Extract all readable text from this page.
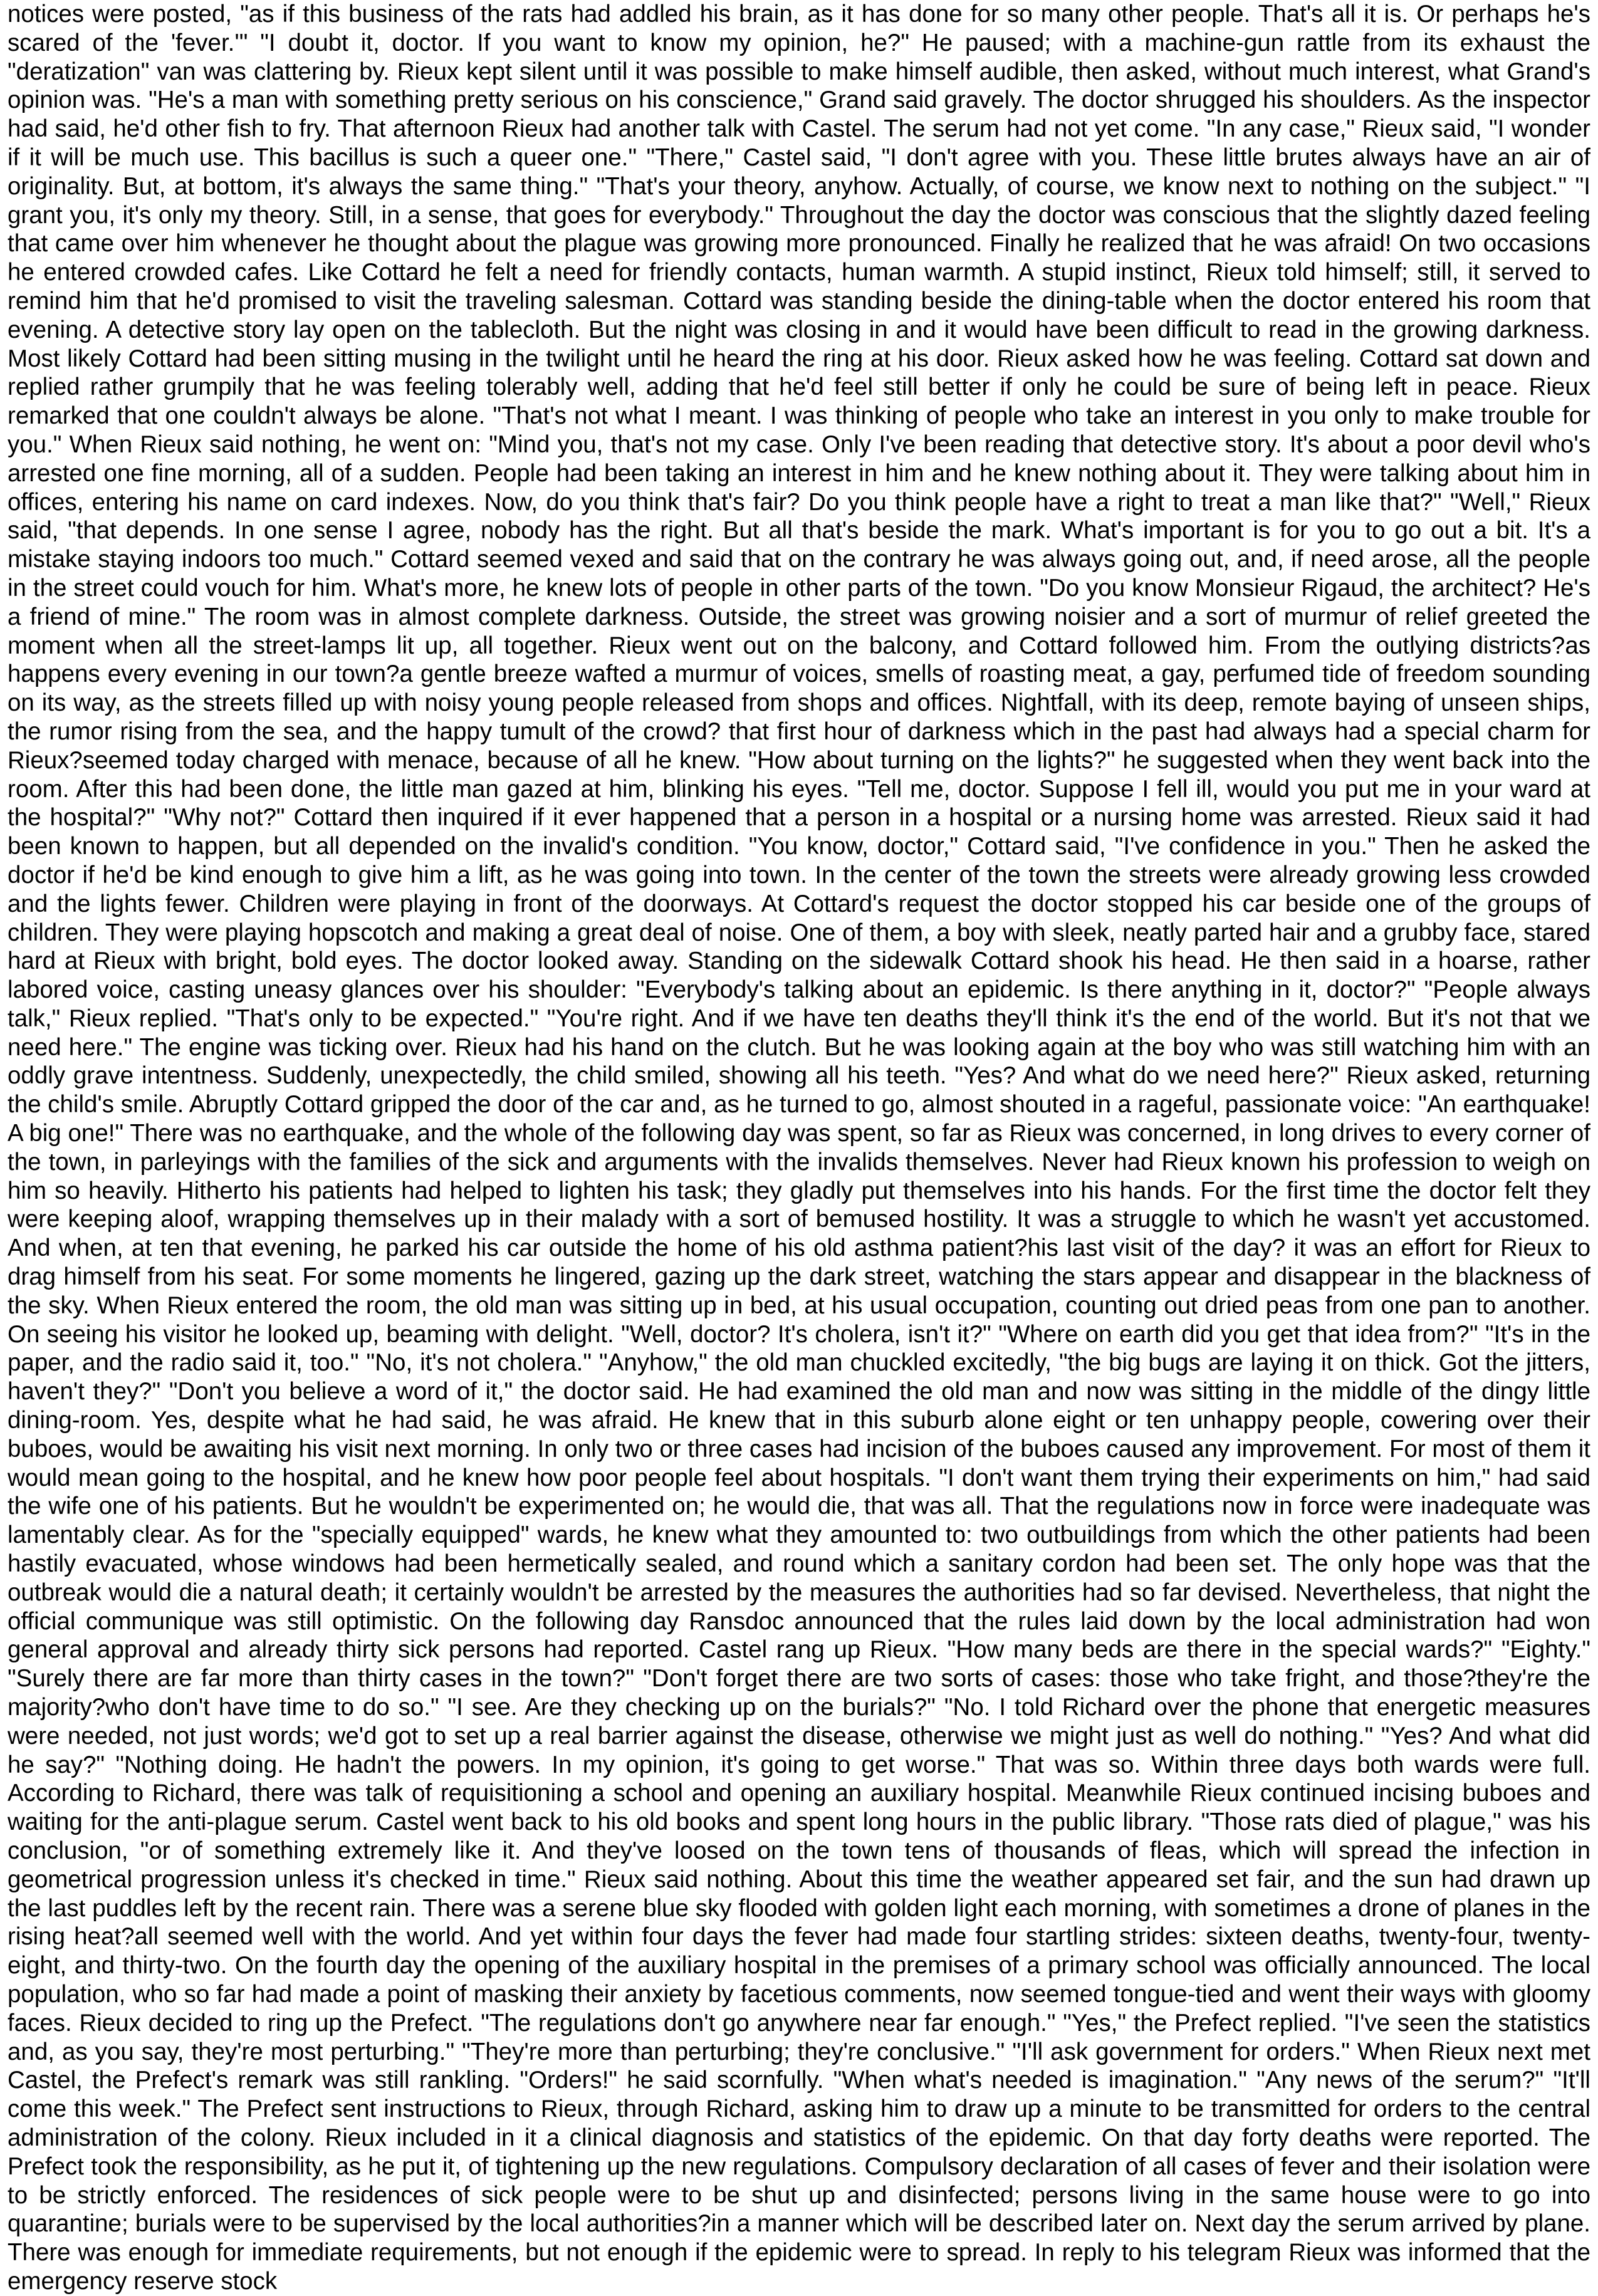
notices were posted, "as if this business of the rats had addled his brain, as it has done for so many other people. That's all it is. Or perhaps he's scared of the 'fever.'" "I doubt it, doctor. If you want to know my opinion, he?" He paused; with a machine-gun rattle from its exhaust the "deratization" van was clattering by. Rieux kept silent until it was possible to make himself audible, then asked, without much interest, what Grand's opinion was. "He's a man with something pretty serious on his conscience," Grand said gravely. The doctor shrugged his shoulders. As the inspector had said, he'd other fish to fry. That afternoon Rieux had another talk with Castel. The serum had not yet come. "In any case," Rieux said, "I wonder if it will be much use. This bacillus is such a queer one." "There," Castel said, "I don't agree with you. These little brutes always have an air of originality. But, at bottom, it's always the same thing." "That's your theory, anyhow. Actually, of course, we know next to nothing on the subject." "I grant you, it's only my theory. Still, in a sense, that goes for everybody." Throughout the day the doctor was conscious that the slightly dazed feeling that came over him whenever he thought about the plague was growing more pronounced. Finally he realized that he was afraid! On two occasions he entered crowded cafes. Like Cottard he felt a need for friendly contacts, human warmth. A stupid instinct, Rieux told himself; still, it served to remind him that he'd promised to visit the traveling salesman. Cottard was standing beside the dining-table when the doctor entered his room that evening. A detective story lay open on the tablecloth. But the night was closing in and it would have been difficult to read in the growing darkness. Most likely Cottard had been sitting musing in the twilight until he heard the ring at his door. Rieux asked how he was feeling. Cottard sat down and replied rather grumpily that he was feeling tolerably well, adding that he'd feel still better if only he could be sure of being left in peace. Rieux remarked that one couldn't always be alone. "That's not what I meant. I was thinking of people who take an interest in you only to make trouble for you." When Rieux said nothing, he went on: "Mind you, that's not my case. Only I've been reading that detective story. It's about a poor devil who's arrested one fine morning, all of a sudden. People had been taking an interest in him and he knew nothing about it. They were talking about him in offices, entering his name on card indexes. Now, do you think that's fair? Do you think people have a right to treat a man like that?" "Well," Rieux said, "that depends. In one sense I agree, nobody has the right. But all that's beside the mark. What's important is for you to go out a bit. It's a mistake staying indoors too much." Cottard seemed vexed and said that on the contrary he was always going out, and, if need arose, all the people in the street could vouch for him. What's more, he knew lots of people in other parts of the town. "Do you know Monsieur Rigaud, the architect? He's a friend of mine." The room was in almost complete darkness. Outside, the street was growing noisier and a sort of murmur of relief greeted the moment when all the street-lamps lit up, all together. Rieux went out on the balcony, and Cottard followed him. From the outlying districts?as happens every evening in our town?a gentle breeze wafted a murmur of voices, smells of roasting meat, a gay, perfumed tide of freedom sounding on its way, as the streets filled up with noisy young people released from shops and offices. Nightfall, with its deep, remote baying of unseen ships, the rumor rising from the sea, and the happy tumult of the crowd? that first hour of darkness which in the past had always had a special charm for Rieux?seemed today charged with menace, because of all he knew. "How about turning on the lights?" he suggested when they went back into the room. After this had been done, the little man gazed at him, blinking his eyes. "Tell me, doctor. Suppose I fell ill, would you put me in your ward at the hospital?" "Why not?" Cottard then inquired if it ever happened that a person in a hospital or a nursing home was arrested. Rieux said it had been known to happen, but all depended on the invalid's condition. "You know, doctor," Cottard said, "I've confidence in you." Then he asked the doctor if he'd be kind enough to give him a lift, as he was going into town. In the center of the town the streets were already growing less crowded and the lights fewer. Children were playing in front of the doorways. At Cottard's request the doctor stopped his car beside one of the groups of children. They were playing hopscotch and making a great deal of noise. One of them, a boy with sleek, neatly parted hair and a grubby face, stared hard at Rieux with bright, bold eyes. The doctor looked away. Standing on the sidewalk Cottard shook his head. He then said in a hoarse, rather labored voice, casting uneasy glances over his shoulder: "Everybody's talking about an epidemic. Is there anything in it, doctor?" "People always talk," Rieux replied. "That's only to be expected." "You're right. And if we have ten deaths they'll think it's the end of the world. But it's not that we need here." The engine was ticking over. Rieux had his hand on the clutch. But he was looking again at the boy who was still watching him with an oddly grave intentness. Suddenly, unexpectedly, the child smiled, showing all his teeth. "Yes? And what do we need here?" Rieux asked, returning the child's smile. Abruptly Cottard gripped the door of the car and, as he turned to go, almost shouted in a rageful, passionate voice: "An earthquake! A big one!" There was no earthquake, and the whole of the following day was spent, so far as Rieux was concerned, in long drives to every corner of the town, in parleyings with the families of the sick and arguments with the invalids themselves. Never had Rieux known his profession to weigh on him so heavily. Hitherto his patients had helped to lighten his task; they gladly put themselves into his hands. For the first time the doctor felt they were keeping aloof, wrapping themselves up in their malady with a sort of bemused hostility. It was a struggle to which he wasn't yet accustomed. And when, at ten that evening, he parked his car outside the home of his old asthma patient?his last visit of the day? it was an effort for Rieux to drag himself from his seat. For some moments he lingered, gazing up the dark street, watching the stars appear and disappear in the blackness of the sky. When Rieux entered the room, the old man was sitting up in bed, at his usual occupation, counting out dried peas from one pan to another. On seeing his visitor he looked up, beaming with delight. "Well, doctor? It's cholera, isn't it?" "Where on earth did you get that idea from?" "It's in the paper, and the radio said it, too." "No, it's not cholera." "Anyhow," the old man chuckled excitedly, "the big bugs are laying it on thick. Got the jitters, haven't they?" "Don't you believe a word of it," the doctor said. He had examined the old man and now was sitting in the middle of the dingy little dining-room. Yes, despite what he had said, he was afraid. He knew that in this suburb alone eight or ten unhappy people, cowering over their buboes, would be awaiting his visit next morning. In only two or three cases had incision of the buboes caused any improvement. For most of them it would mean going to the hospital, and he knew how poor people feel about hospitals. "I don't want them trying their experiments on him," had said the wife one of his patients. But he wouldn't be experimented on; he would die, that was all. That the regulations now in force were inadequate was lamentably clear. As for the "specially equipped" wards, he knew what they amounted to: two outbuildings from which the other patients had been hastily evacuated, whose windows had been hermetically sealed, and round which a sanitary cordon had been set. The only hope was that the outbreak would die a natural death; it certainly wouldn't be arrested by the measures the authorities had so far devised. Nevertheless, that night the official communique was still optimistic. On the following day Ransdoc announced that the rules laid down by the local administration had won general approval and already thirty sick persons had reported. Castel rang up Rieux. "How many beds are there in the special wards?" "Eighty." "Surely there are far more than thirty cases in the town?" "Don't forget there are two sorts of cases: those who take fright, and those?they're the majority?who don't have time to do so." "I see. Are they checking up on the burials?" "No. I told Richard over the phone that energetic measures were needed, not just words; we'd got to set up a real barrier against the disease, otherwise we might just as well do nothing." "Yes? And what did he say?" "Nothing doing. He hadn't the powers. In my opinion, it's going to get worse." That was so. Within three days both wards were full. According to Richard, there was talk of requisitioning a school and opening an auxiliary hospital. Meanwhile Rieux continued incising buboes and waiting for the anti-plague serum. Castel went back to his old books and spent long hours in the public library. "Those rats died of plague," was his conclusion, "or of something extremely like it. And they've loosed on the town tens of thousands of fleas, which will spread the infection in geometrical progression unless it's checked in time." Rieux said nothing. About this time the weather appeared set fair, and the sun had drawn up the last puddles left by the recent rain. There was a serene blue sky flooded with golden light each morning, with sometimes a drone of planes in the rising heat?all seemed well with the world. And yet within four days the fever had made four startling strides: sixteen deaths, twenty-four, twenty-eight, and thirty-two. On the fourth day the opening of the auxiliary hospital in the premises of a primary school was officially announced. The local population, who so far had made a point of masking their anxiety by facetious comments, now seemed tongue-tied and went their ways with gloomy faces. Rieux decided to ring up the Prefect. "The regulations don't go anywhere near far enough." "Yes," the Prefect replied. "I've seen the statistics and, as you say, they're most perturbing." "They're more than perturbing; they're conclusive." "I'll ask government for orders." When Rieux next met Castel, the Prefect's remark was still rankling. "Orders!" he said scornfully. "When what's needed is imagination." "Any news of the serum?" "It'll come this week." The Prefect sent instructions to Rieux, through Richard, asking him to draw up a minute to be transmitted for orders to the central administration of the colony. Rieux included in it a clinical diagnosis and statistics of the epidemic. On that day forty deaths were reported. The Prefect took the responsibility, as he put it, of tightening up the new regulations. Compulsory declaration of all cases of fever and their isolation were to be strictly enforced. The residences of sick people were to be shut up and disinfected; persons living in the same house were to go into quarantine; burials were to be supervised by the local authorities?in a manner which will be described later on. Next day the serum arrived by plane. There was enough for immediate requirements, but not enough if the epidemic were to spread. In reply to his telegram Rieux was informed that the emergency reserve stock
